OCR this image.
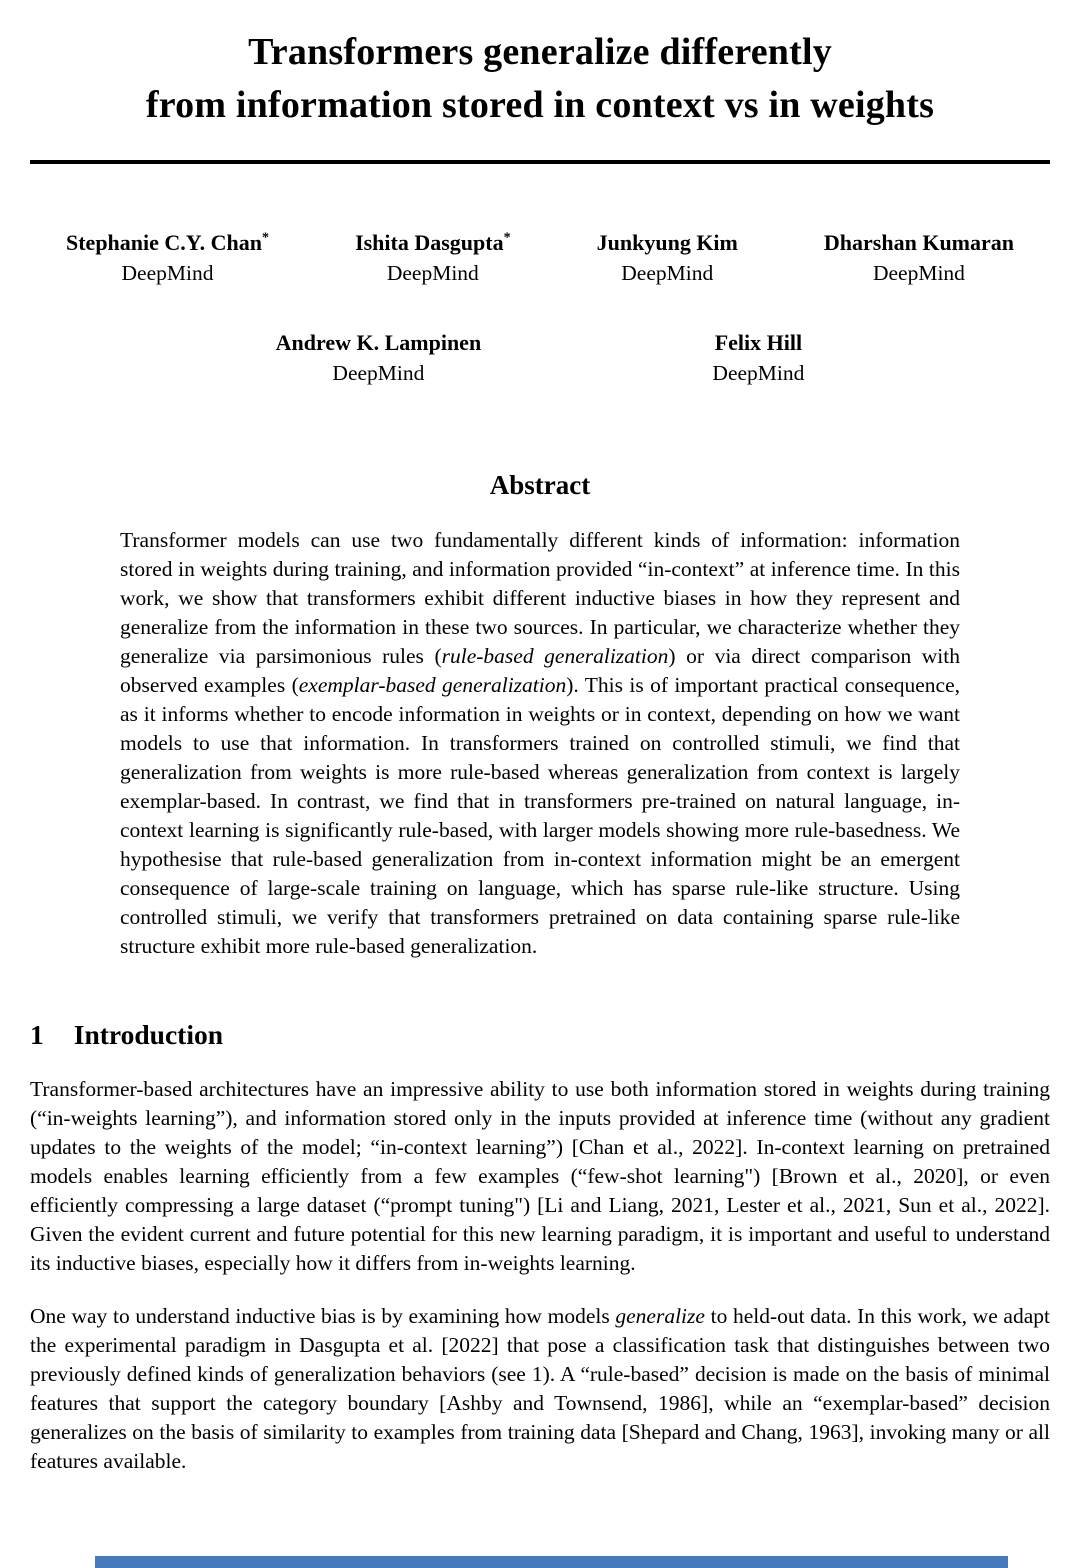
Transformers generalize differently
from information stored in context vs in weights
Stephanie C.Y. Chan*
DeepMind
Ishita Dasgupta*
DeepMind
Junkyung Kim
DeepMind
Dharshan Kumaran
DeepMind
Andrew K. Lampinen
DeepMind
Felix Hill
DeepMind
Abstract

Transformer models can use two fundamentally different kinds of information: information stored in weights during training, and information provided “in-context” at inference time. In this work, we show that transformers exhibit different inductive biases in how they represent and generalize from the information in these two sources. In particular, we characterize whether they generalize via parsimonious rules (rule-based generalization) or via direct comparison with observed examples (exemplar-based generalization). This is of important practical consequence, as it informs whether to encode information in weights or in context, depending on how we want models to use that information. In transformers trained on controlled stimuli, we find that generalization from weights is more rule-based whereas generalization from context is largely exemplar-based. In contrast, we find that in transformers pre-trained on natural language, in-context learning is significantly rule-based, with larger models showing more rule-basedness. We hypothesise that rule-based generalization from in-context information might be an emergent consequence of large-scale training on language, which has sparse rule-like structure. Using controlled stimuli, we verify that transformers pretrained on data containing sparse rule-like structure exhibit more rule-based generalization.

1 Introduction

Transformer-based architectures have an impressive ability to use both information stored in weights during training (“in-weights learning”), and information stored only in the inputs provided at inference time (without any gradient updates to the weights of the model; “in-context learning”) [Chan et al., 2022]. In-context learning on pretrained models enables learning efficiently from a few examples (“few-shot learning") [Brown et al., 2020], or even efficiently compressing a large dataset (“prompt tuning") [Li and Liang, 2021, Lester et al., 2021, Sun et al., 2022]. Given the evident current and future potential for this new learning paradigm, it is important and useful to understand its inductive biases, especially how it differs from in-weights learning.

One way to understand inductive bias is by examining how models generalize to held-out data. In this work, we adapt the experimental paradigm in Dasgupta et al. [2022] that pose a classification task that distinguishes between two previously defined kinds of generalization behaviors (see 1). A “rule-based” decision is made on the basis of minimal features that support the category boundary [Ashby and Townsend, 1986], while an “exemplar-based” decision generalizes on the basis of similarity to examples from training data [Shepard and Chang, 1963], invoking many or all features available.
